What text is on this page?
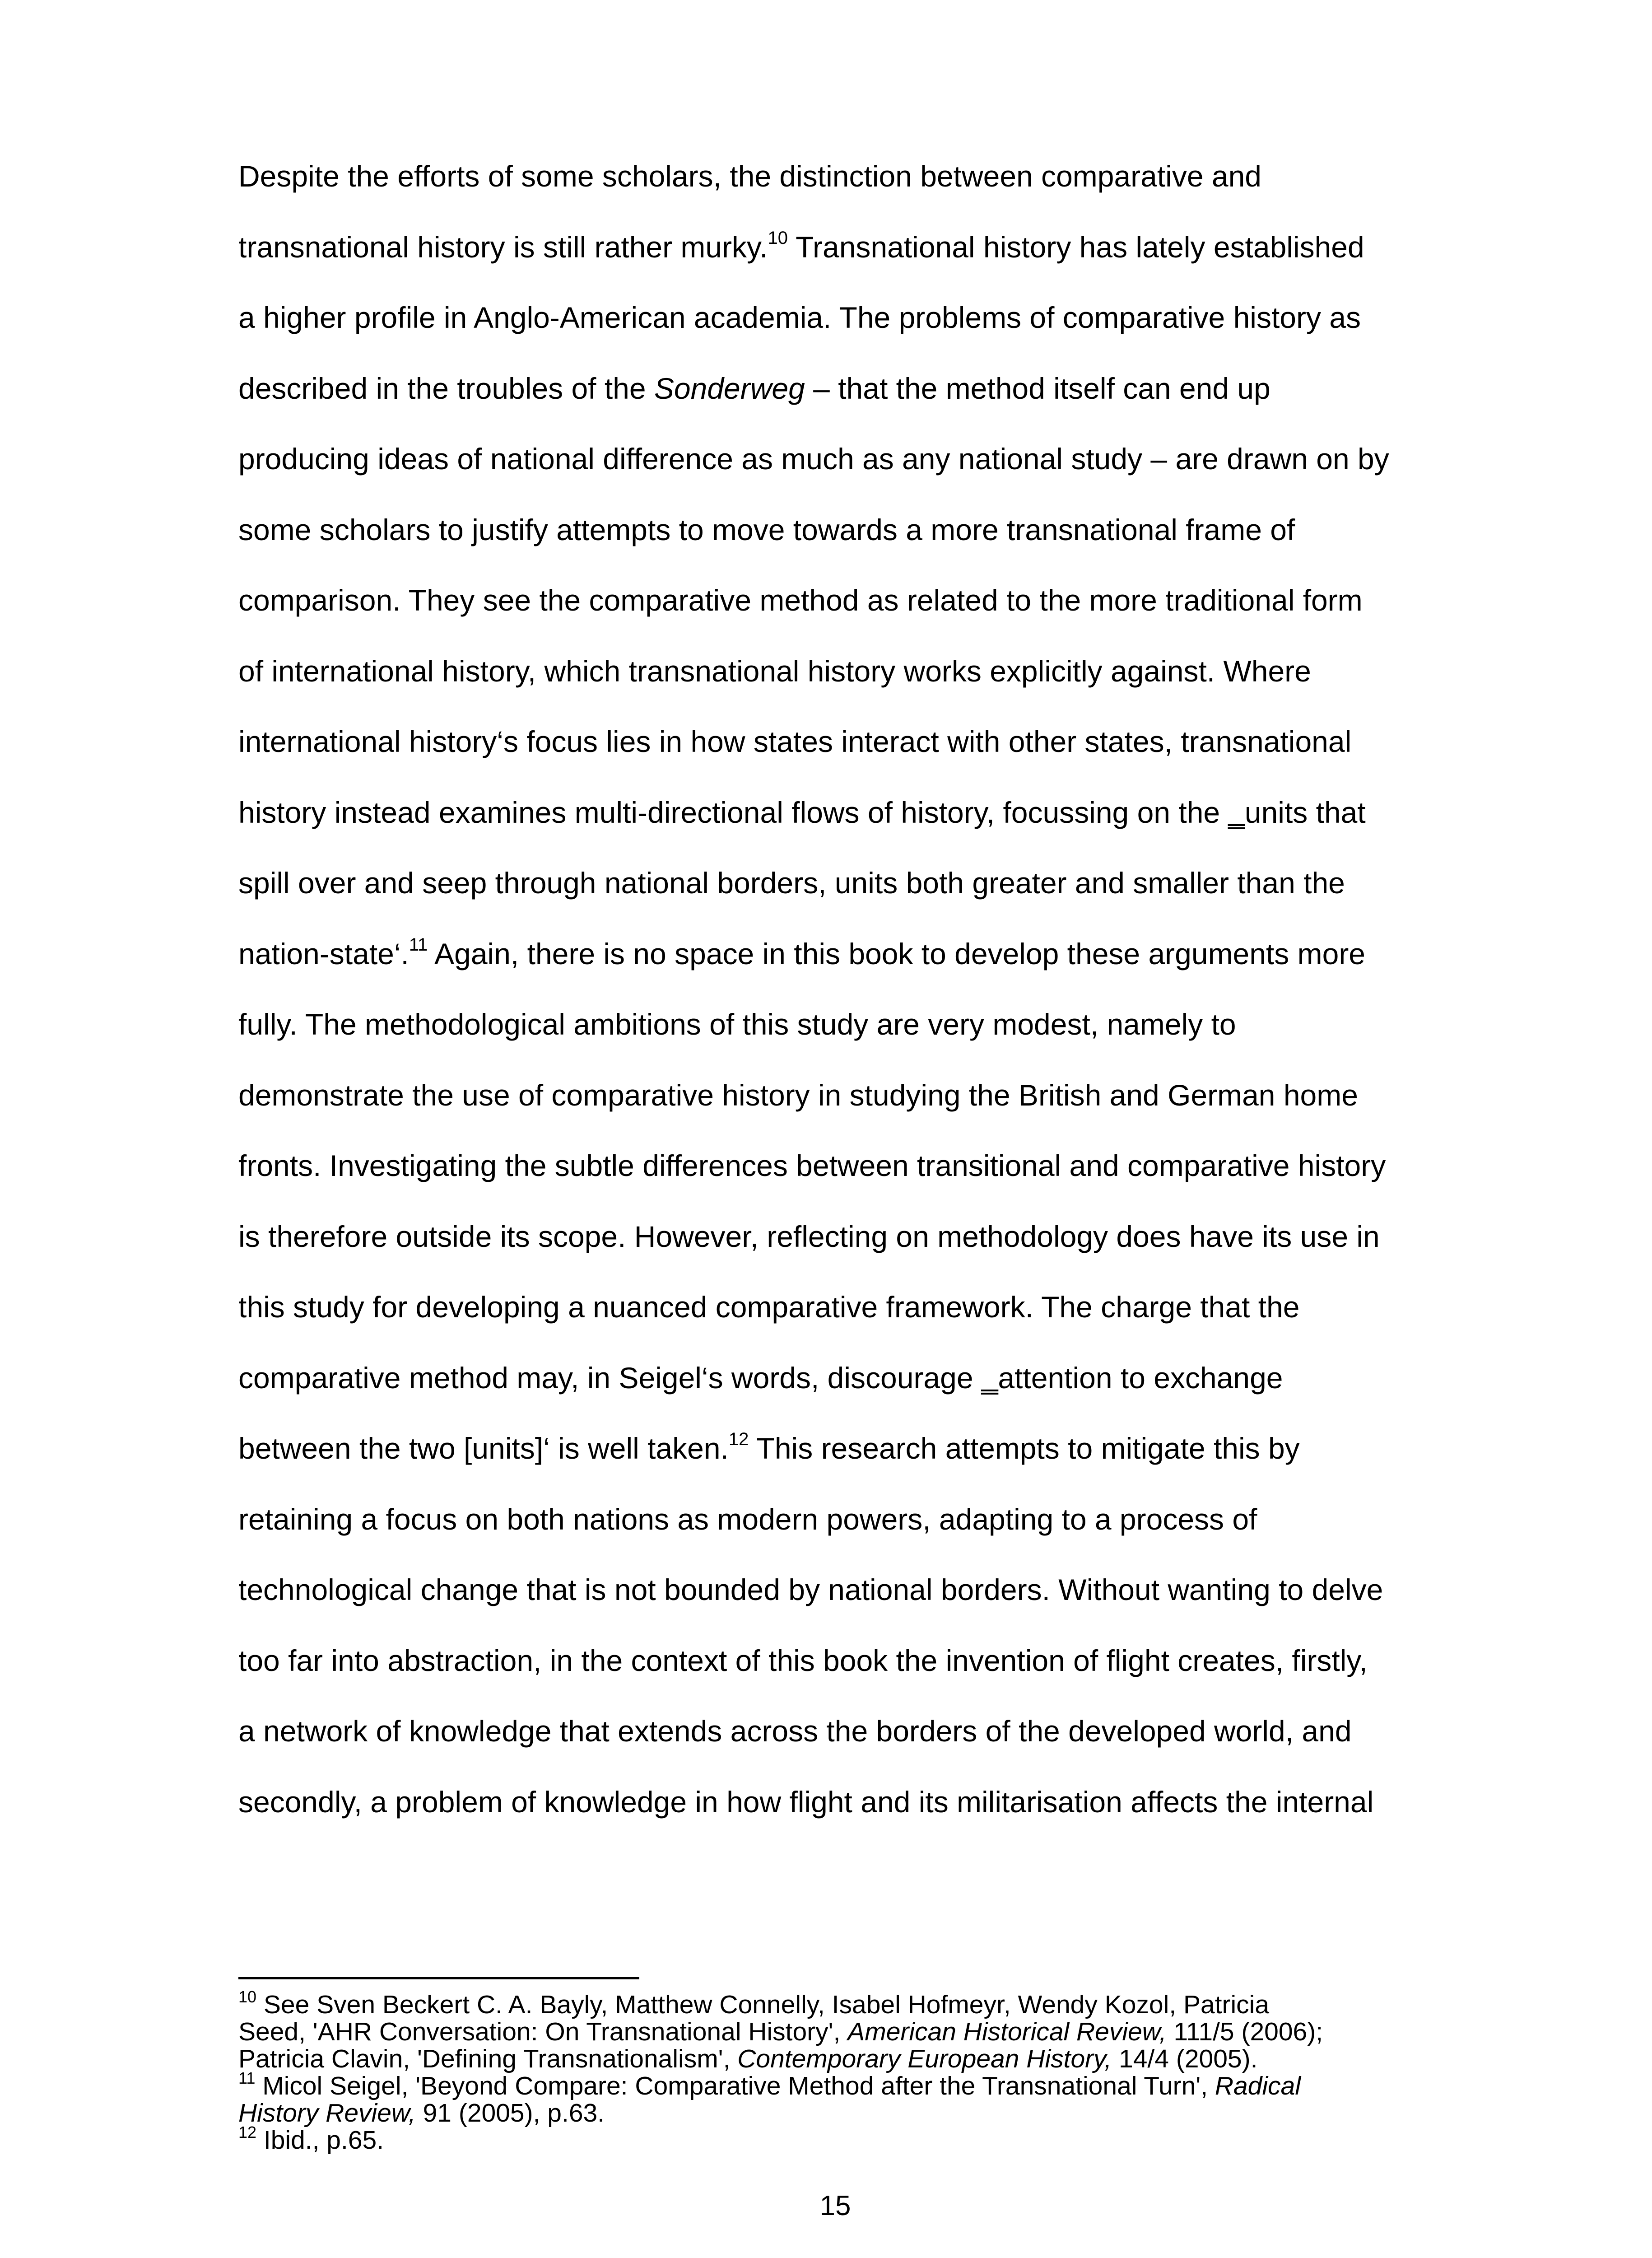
Despite the efforts of some scholars, the distinction between comparative and
transnational history is still rather murky.$^{10}$ Transnational history has lately established
a higher profile in Anglo-American academia. The problems of comparative history as
described in the troubles of the Sonderweg – that the method itself can end up
producing ideas of national difference as much as any national study – are drawn on by
some scholars to justify attempts to move towards a more transnational frame of
comparison. They see the comparative method as related to the more traditional form
of international history, which transnational history works explicitly against. Where
international history‘s focus lies in how states interact with other states, transnational
history instead examines multi-directional flows of history, focussing on the ‗units that
spill over and seep through national borders, units both greater and smaller than the
nation-state‘.$^{11}$ Again, there is no space in this book to develop these arguments more
fully. The methodological ambitions of this study are very modest, namely to
demonstrate the use of comparative history in studying the British and German home
fronts. Investigating the subtle differences between transitional and comparative history
is therefore outside its scope. However, reflecting on methodology does have its use in
this study for developing a nuanced comparative framework. The charge that the
comparative method may, in Seigel‘s words, discourage ‗attention to exchange
between the two [units]‘ is well taken.$^{12}$ This research attempts to mitigate this by
retaining a focus on both nations as modern powers, adapting to a process of
technological change that is not bounded by national borders. Without wanting to delve
too far into abstraction, in the context of this book the invention of flight creates, firstly,
a network of knowledge that extends across the borders of the developed world, and
secondly, a problem of knowledge in how flight and its militarisation affects the internal
$^{10}$ See Sven Beckert C. A. Bayly, Matthew Connelly, Isabel Hofmeyr, Wendy Kozol, Patricia
Seed, 'AHR Conversation: On Transnational History', American Historical Review, 111/5 (2006);
Patricia Clavin, 'Defining Transnationalism', Contemporary European History, 14/4 (2005).
$^{11}$ Micol Seigel, 'Beyond Compare: Comparative Method after the Transnational Turn', Radical
History Review, 91 (2005), p.63.
$^{12}$ Ibid., p.65.
15
